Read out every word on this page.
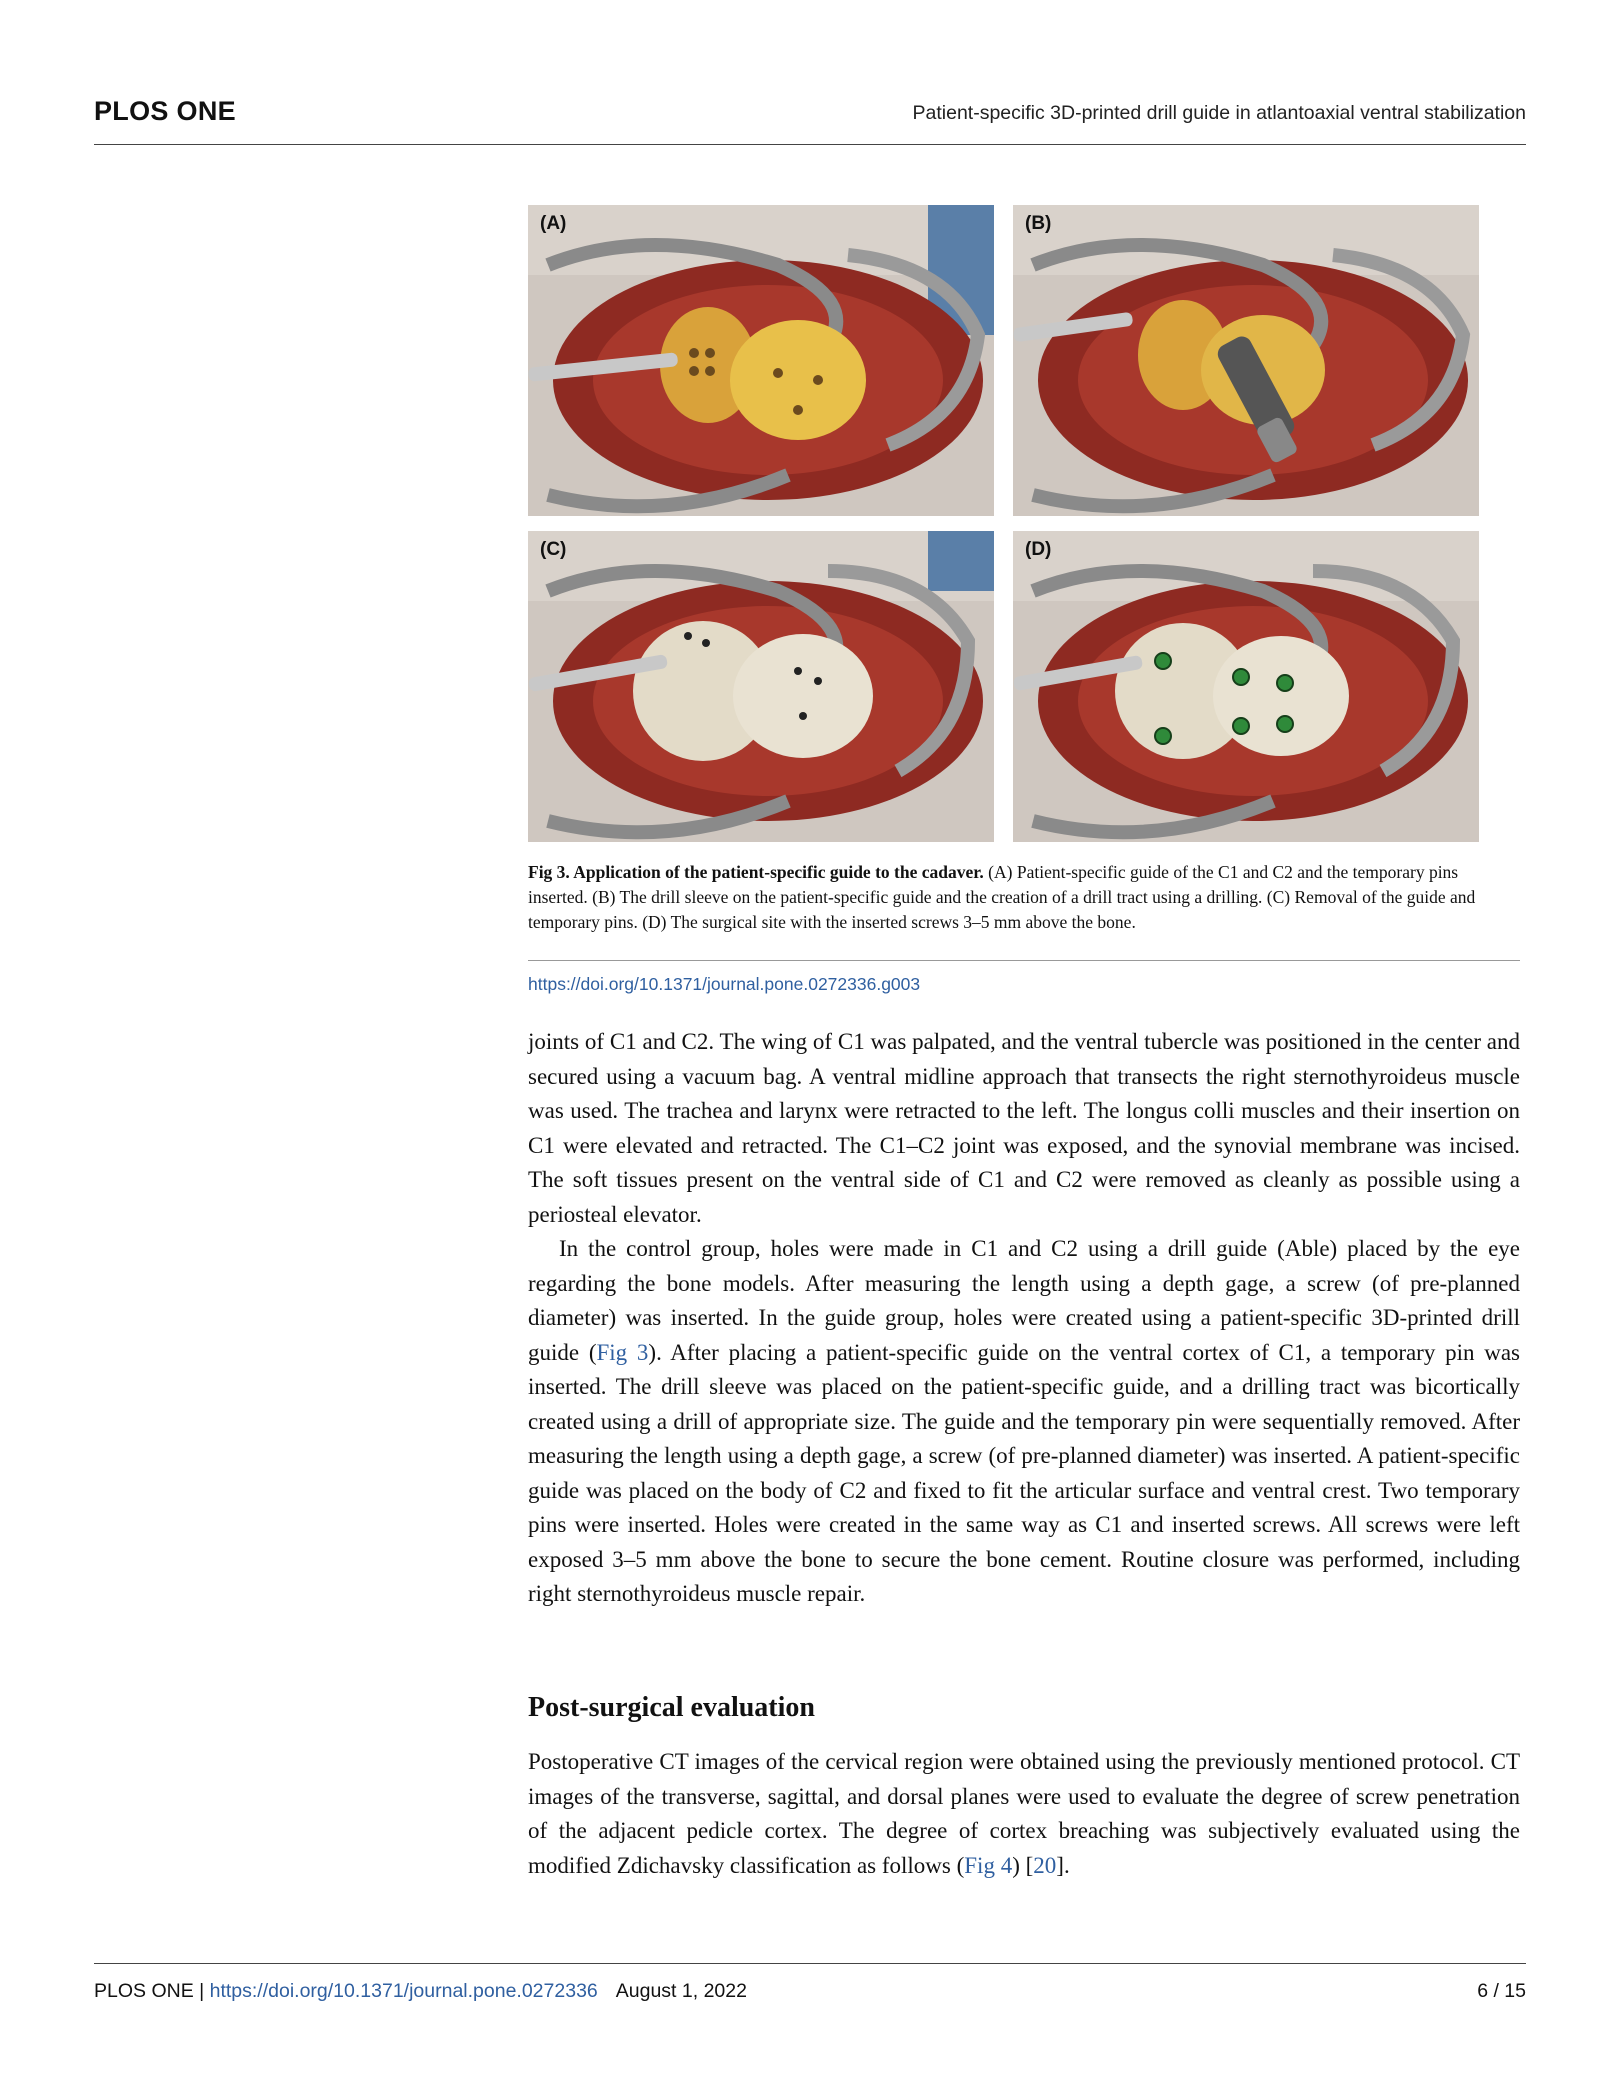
PLOS ONE	Patient-specific 3D-printed drill guide in atlantoaxial ventral stabilization
(A)	(B)
(C)	(D)
Fig 3. Application of the patient-specific guide to the cadaver. (A) Patient-specific guide of the C1 and C2 and the temporary pins inserted. (B) The drill sleeve on the patient-specific guide and the creation of a drill tract using a drilling. (C) Removal of the guide and temporary pins. (D) The surgical site with the inserted screws 3–5 mm above the bone.
https://doi.org/10.1371/journal.pone.0272336.g003

joints of C1 and C2. The wing of C1 was palpated, and the ventral tubercle was positioned in the center and secured using a vacuum bag. A ventral midline approach that transects the right sternothyroideus muscle was used. The trachea and larynx were retracted to the left. The longus colli muscles and their insertion on C1 were elevated and retracted. The C1–C2 joint was exposed, and the synovial membrane was incised. The soft tissues present on the ventral side of C1 and C2 were removed as cleanly as possible using a periosteal elevator.

In the control group, holes were made in C1 and C2 using a drill guide (Able) placed by the eye regarding the bone models. After measuring the length using a depth gage, a screw (of pre-planned diameter) was inserted. In the guide group, holes were created using a patient-specific 3D-printed drill guide (Fig 3). After placing a patient-specific guide on the ventral cortex of C1, a temporary pin was inserted. The drill sleeve was placed on the patient-specific guide, and a drilling tract was bicortically created using a drill of appropriate size. The guide and the temporary pin were sequentially removed. After measuring the length using a depth gage, a screw (of pre-planned diameter) was inserted. A patient-specific guide was placed on the body of C2 and fixed to fit the articular surface and ventral crest. Two temporary pins were inserted. Holes were created in the same way as C1 and inserted screws. All screws were left exposed 3–5 mm above the bone to secure the bone cement. Routine closure was performed, including right sternothyroideus muscle repair.

Post-surgical evaluation

Postoperative CT images of the cervical region were obtained using the previously mentioned protocol. CT images of the transverse, sagittal, and dorsal planes were used to evaluate the degree of screw penetration of the adjacent pedicle cortex. The degree of cortex breaching was subjectively evaluated using the modified Zdichavsky classification as follows (Fig 4) [20].

PLOS ONE | https://doi.org/10.1371/journal.pone.0272336 August 1, 2022	6 / 15
